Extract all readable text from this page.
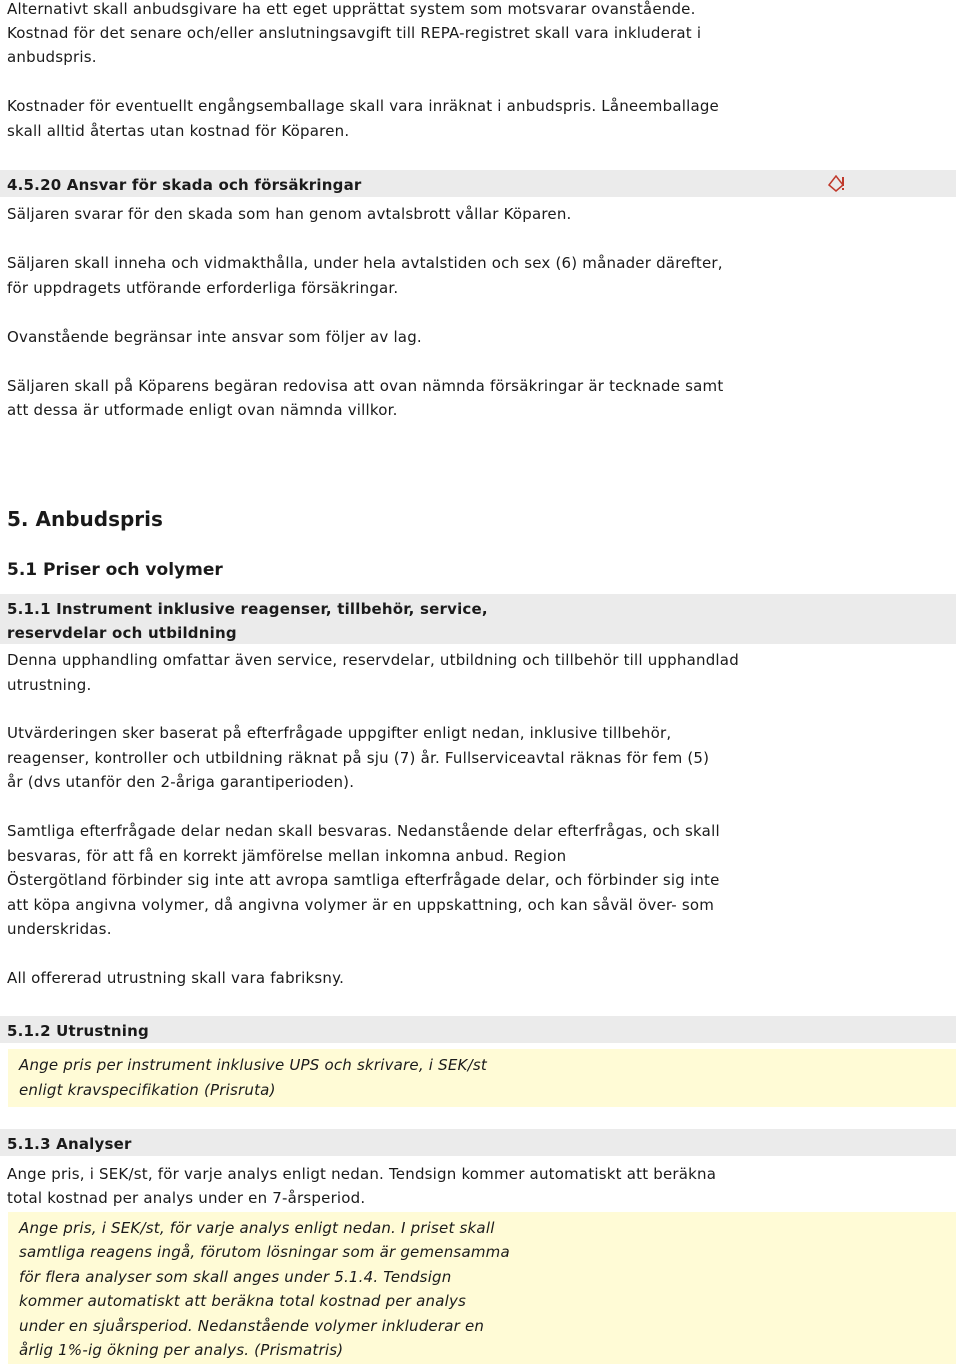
Alternativt skall anbudsgivare ha ett eget upprättat system som motsvarar ovanstående.
Kostnad för det senare och/eller anslutningsavgift till REPA-registret skall vara inkluderat i
anbudspris.
Kostnader för eventuellt engångsemballage skall vara inräknat i anbudspris. Låneemballage
skall alltid återtas utan kostnad för Köparen.
4.5.20 Ansvar för skada och försäkringar
Säljaren svarar för den skada som han genom avtalsbrott vållar Köparen.
Säljaren skall inneha och vidmakthålla, under hela avtalstiden och sex (6) månader därefter,
för uppdragets utförande erforderliga försäkringar.
Ovanstående begränsar inte ansvar som följer av lag.
Säljaren skall på Köparens begäran redovisa att ovan nämnda försäkringar är tecknade samt
att dessa är utformade enligt ovan nämnda villkor.
5. Anbudspris
5.1 Priser och volymer
5.1.1 Instrument inklusive reagenser, tillbehör, service,
reservdelar och utbildning
Denna upphandling omfattar även service, reservdelar, utbildning och tillbehör till upphandlad
utrustning.
Utvärderingen sker baserat på efterfrågade uppgifter enligt nedan, inklusive tillbehör,
reagenser, kontroller och utbildning räknat på sju (7) år. Fullserviceavtal räknas för fem (5)
år (dvs utanför den 2-åriga garantiperioden).
Samtliga efterfrågade delar nedan skall besvaras. Nedanstående delar efterfrågas, och skall
besvaras, för att få en korrekt jämförelse mellan inkomna anbud. Region
Östergötland förbinder sig inte att avropa samtliga efterfrågade delar, och förbinder sig inte
att köpa angivna volymer, då angivna volymer är en uppskattning, och kan såväl över- som
underskridas.
All offererad utrustning skall vara fabriksny.
5.1.2 Utrustning
Ange pris per instrument inklusive UPS och skrivare, i SEK/st
enligt kravspecifikation (Prisruta)
5.1.3 Analyser
Ange pris, i SEK/st, för varje analys enligt nedan. Tendsign kommer automatiskt att beräkna
total kostnad per analys under en 7-årsperiod.
Ange pris, i SEK/st, för varje analys enligt nedan. I priset skall
samtliga reagens ingå, förutom lösningar som är gemensamma
för flera analyser som skall anges under 5.1.4. Tendsign
kommer automatiskt att beräkna total kostnad per analys
under en sjuårsperiod. Nedanstående volymer inkluderar en
årlig 1%-ig ökning per analys. (Prismatris)
